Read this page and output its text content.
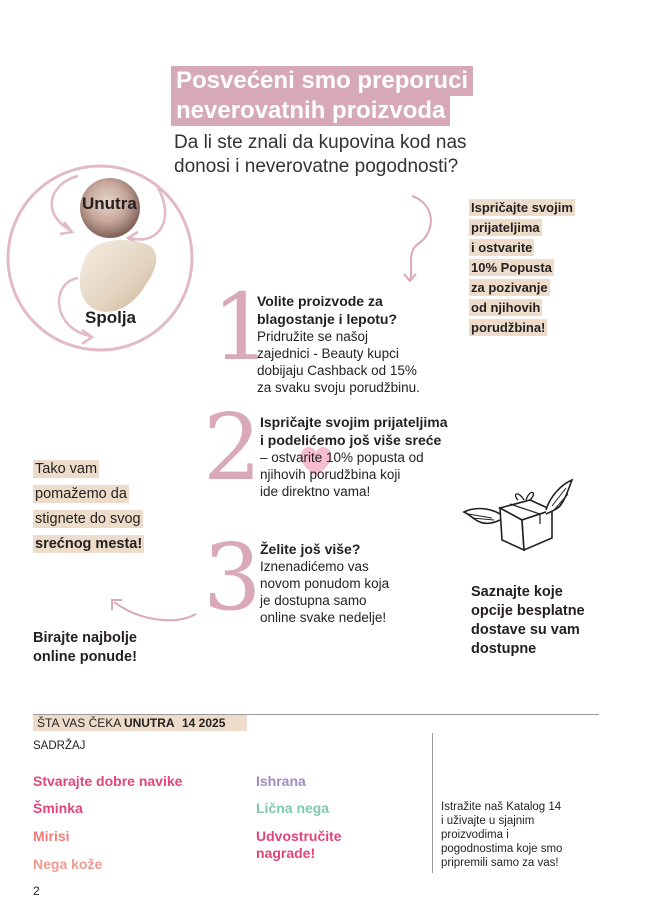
Posvećeni smo preporuci
neverovatnih proizvoda
Da li ste znali da kupovina kod nas
donosi i neverovatne pogodnosti?
Unutra
Spolja
Ispričajte svojim
prijateljima
i ostvarite
10% Popusta
za pozivanje
od njihovih
porudžbina!
1
Volite proizvode za
blagostanje i lepotu?
Pridružite se našoj
zajednici - Beauty kupci
dobijaju Cashback od 15%
za svaku svoju porudžbinu.
2
Ispričajte svojim prijateljima
i podelićemo još više sreće
– ostvarite 10% popusta od
njihovih porudžbina koji
ide direktno vama!
3
Želite još više?
Iznenadićemo vas
novom ponudom koja
je dostupna samo
online svake nedelje!
Tako vam
pomažemo da
stignete do svog
srećnog mesta!
Birajte najbolje
online ponude!
Saznajte koje
opcije besplatne
dostave su vam
dostupne
ŠTA VAS ČEKA UNUTRA 14 2025
SADRŽAJ
Stvarajte dobre navike
Šminka
Mirisi
Nega kože
Ishrana
Lična nega
Udvostručite
nagrade!
Istražite naš Katalog 14
i uživajte u sjajnim
proizvodima i
pogodnostima koje smo
pripremili samo za vas!
2
